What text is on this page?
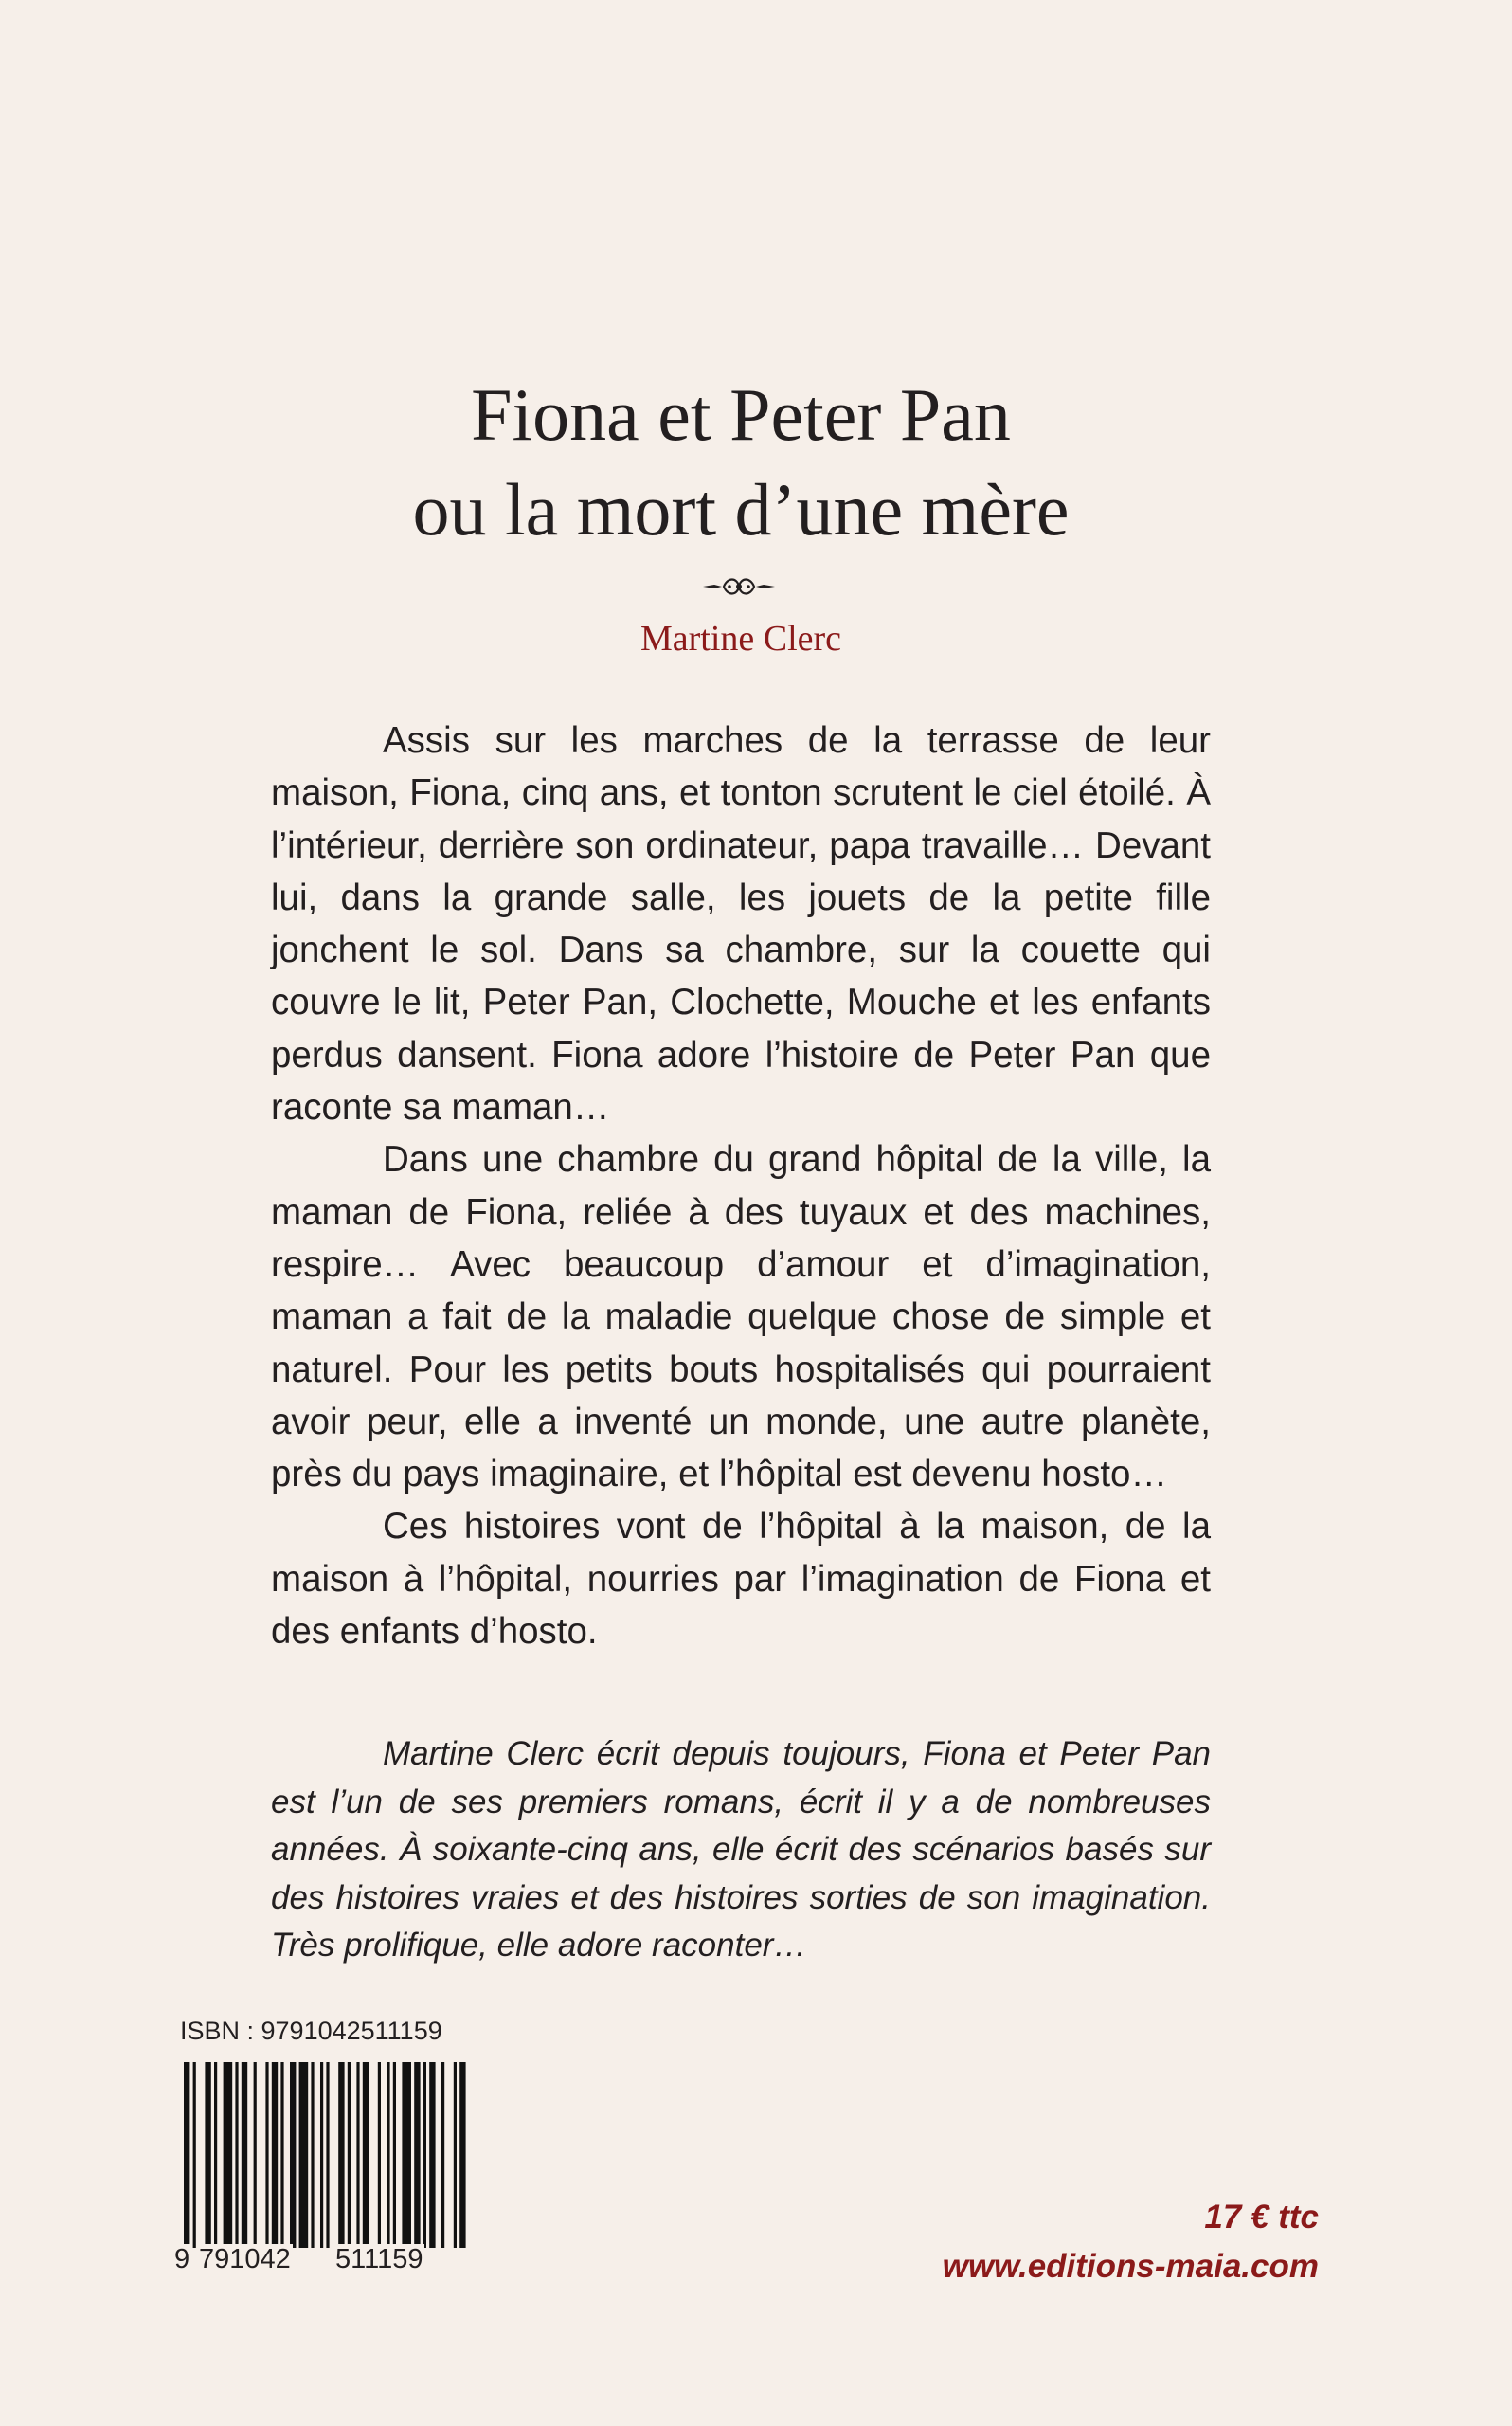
Fiona et Peter Pan
ou la mort d’une mère
Martine Clerc

Assis sur les marches de la terrasse de leur maison, Fiona, cinq ans, et tonton scrutent le ciel étoilé. À l’intérieur, derrière son ordinateur, papa travaille… Devant lui, dans la grande salle, les jouets de la petite fille jonchent le sol. Dans sa chambre, sur la couette qui couvre le lit, Peter Pan, Clochette, Mouche et les enfants perdus dansent. Fiona adore l’histoire de Peter Pan que raconte sa maman…

Dans une chambre du grand hôpital de la ville, la maman de Fiona, reliée à des tuyaux et des machines, respire… Avec beaucoup d’amour et d’imagination, maman a fait de la maladie quelque chose de simple et naturel. Pour les petits bouts hospitalisés qui pourraient avoir peur, elle a inventé un monde, une autre planète, près du pays imaginaire, et l’hôpital est devenu hosto…

Ces histoires vont de l’hôpital à la maison, de la maison à l’hôpital, nourries par l’imagination de Fiona et des enfants d’hosto.

Martine Clerc écrit depuis toujours, Fiona et Peter Pan est l’un de ses premiers romans, écrit il y a de nombreuses années. À soixante-cinq ans, elle écrit des scénarios basés sur des histoires vraies et des histoires sorties de son imagination. Très prolifique, elle adore raconter…

ISBN : 9791042511159
9 791042 511159
17 € ttc
www.editions-maia.com
